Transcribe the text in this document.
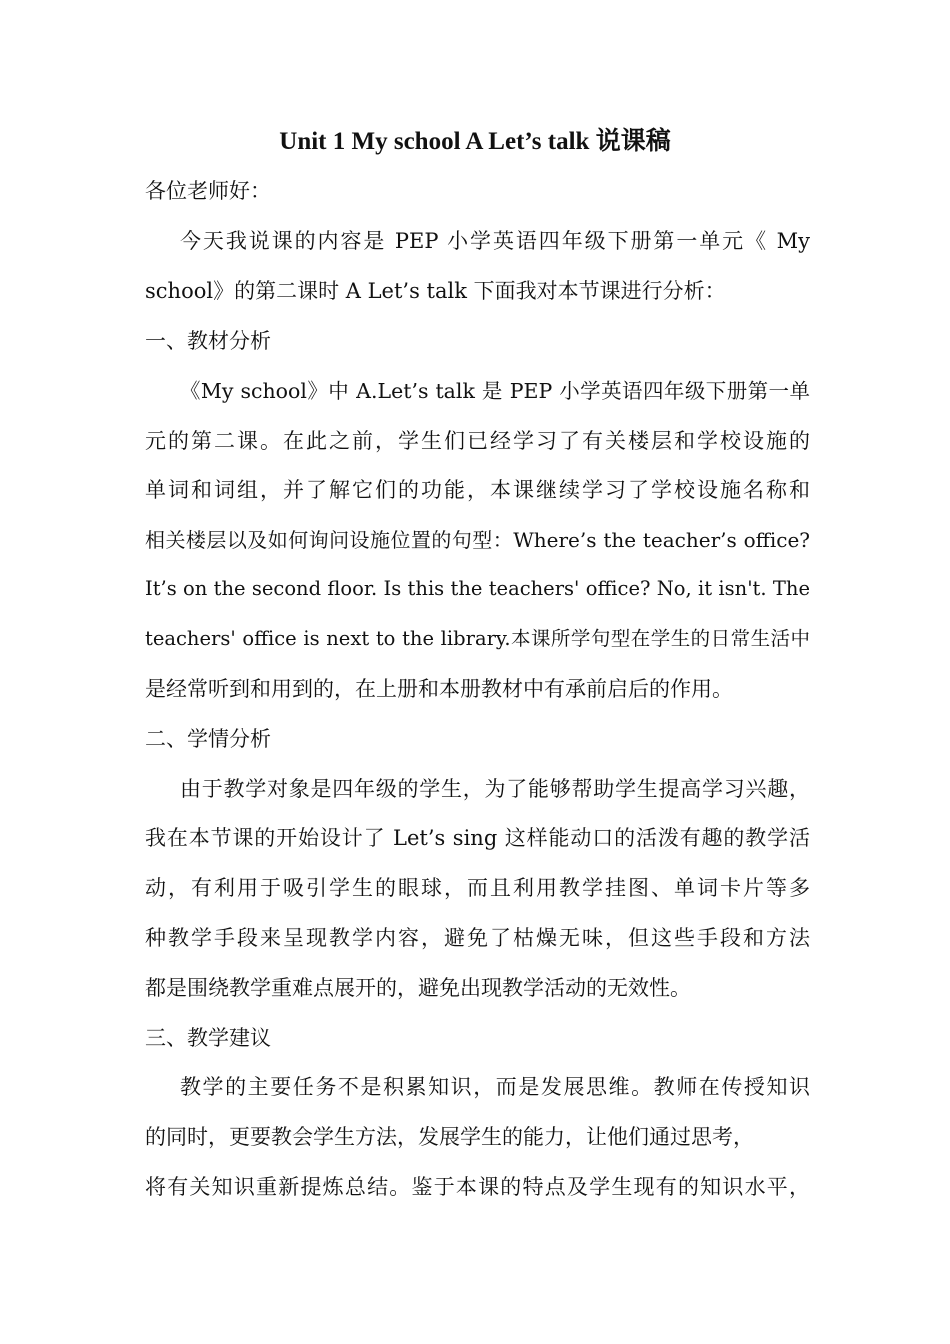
Unit 1 My school A Let’s talk 说课稿
各位老师好：
今天我说课的内容是 PEP 小学英语四年级下册第一单元《 My
school》的第二课时 A Let’s talk 下面我对本节课进行分析：
一、教材分析
《My school》中 A.Let’s talk 是 PEP 小学英语四年级下册第一单
元的第二课。在此之前，学生们已经学习了有关楼层和学校设施的
单词和词组，并了解它们的功能，本课继续学习了学校设施名称和
相关楼层以及如何询问设施位置的句型：Where’s the teacher’s office?
It’s on the second floor. Is this the teachers' office? No, it isn't. The
teachers' office is next to the library.本课所学句型在学生的日常生活中
是经常听到和用到的，在上册和本册教材中有承前启后的作用。
二、学情分析
由于教学对象是四年级的学生，为了能够帮助学生提高学习兴趣，
我在本节课的开始设计了 Let’s sing 这样能动口的活泼有趣的教学活
动，有利用于吸引学生的眼球，而且利用教学挂图、单词卡片等多
种教学手段来呈现教学内容，避免了枯燥无味，但这些手段和方法
都是围绕教学重难点展开的，避免出现教学活动的无效性。
三、教学建议
教学的主要任务不是积累知识，而是发展思维。教师在传授知识
的同时，更要教会学生方法，发展学生的能力，让他们通过思考，
将有关知识重新提炼总结。鉴于本课的特点及学生现有的知识水平，
